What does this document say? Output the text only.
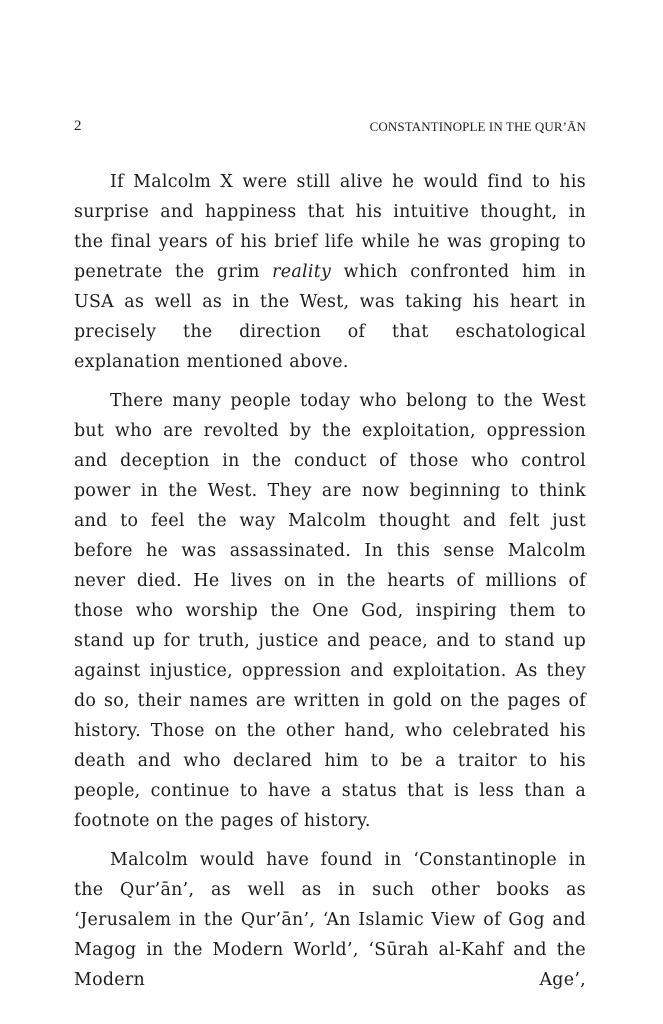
2	CONSTANTINOPLE IN THE QUR’ĀN

If Malcolm X were still alive he would find to his surprise and happiness that his intuitive thought, in the final years of his brief life while he was groping to penetrate the grim reality which confronted him in USA as well as in the West, was taking his heart in precisely the direction of that eschatological explanation mentioned above.

There many people today who belong to the West but who are revolted by the exploitation, oppression and deception in the conduct of those who control power in the West. They are now beginning to think and to feel the way Malcolm thought and felt just before he was assassinated. In this sense Malcolm never died. He lives on in the hearts of millions of those who worship the One God, inspiring them to stand up for truth, justice and peace, and to stand up against injustice, oppression and exploitation. As they do so, their names are written in gold on the pages of history. Those on the other hand, who celebrated his death and who declared him to be a traitor to his people, continue to have a status that is less than a footnote on the pages of history.

Malcolm would have found in ‘Constantinople in the Qur’ān’, as well as in such other books as ‘Jerusalem in the Qur’ān’, ‘An Islamic View of Gog and Magog in the Modern World’, ‘Sūrah al-Kahf and the Modern Age’,
